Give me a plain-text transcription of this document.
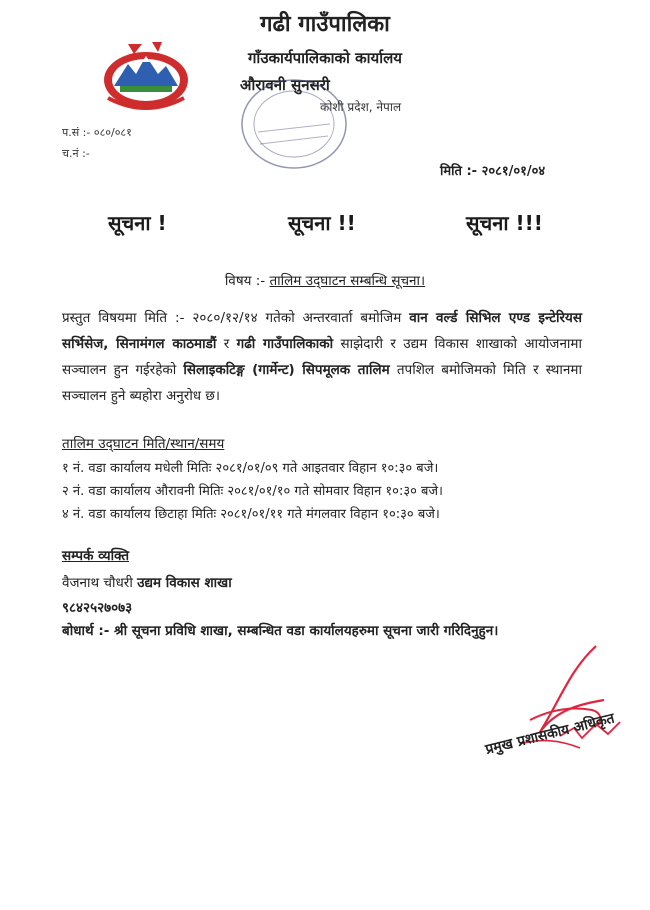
गढी गाउँपालिका
गाँउकार्यपालिकाको कार्यालय
औरावनी सुनसरी
कोशी प्रदेश, नेपाल
प.सं :- ०८०/०८१
च.नं :-
मिति :- २०८१/०१/०४
सूचना !	सूचना !!	सूचना !!!
विषय :- तालिम उद्‌घाटन सम्बन्धि सूचना।
प्रस्तुत विषयमा मिति :- २०८०/१२/१४ गतेको अन्तरवार्ता बमोजिम वान वर्ल्ड सिभिल एण्ड इन्टेरियस सर्भिसेज, सिनामंगल काठमाडौं र गढी गाउँपालिकाको साझेदारी र उद्यम विकास शाखाको आयोजनामा सञ्चालन हुन गईरहेको सिलाइकटिङ्ग (गार्मेन्ट) सिपमूलक तालिम तपशिल बमोजिमको मिति र स्थानमा सञ्चालन हुने ब्यहोरा अनुरोध छ।
तालिम उद्‌घाटन मिति/स्थान/समय
१ नं. वडा कार्यालय मधेली मितिः २०८१/०१/०९ गते आइतवार विहान १०:३० बजे।
२ नं. वडा कार्यालय औरावनी मितिः २०८१/०१/१० गते सोमवार विहान १०:३० बजे।
४ नं. वडा कार्यालय छिटाहा मितिः २०८१/०१/११ गते मंगलवार विहान १०:३० बजे।
सम्पर्क व्यक्ति
वैजनाथ चौधरी उद्यम विकास शाखा
९८४२५२७०७३
बोधार्थ :- श्री सूचना प्रविधि शाखा, सम्बन्धित वडा कार्यालयहरुमा सूचना जारी गरिदिनुहुन।
प्रमुख प्रशासकीय अधिकृत
